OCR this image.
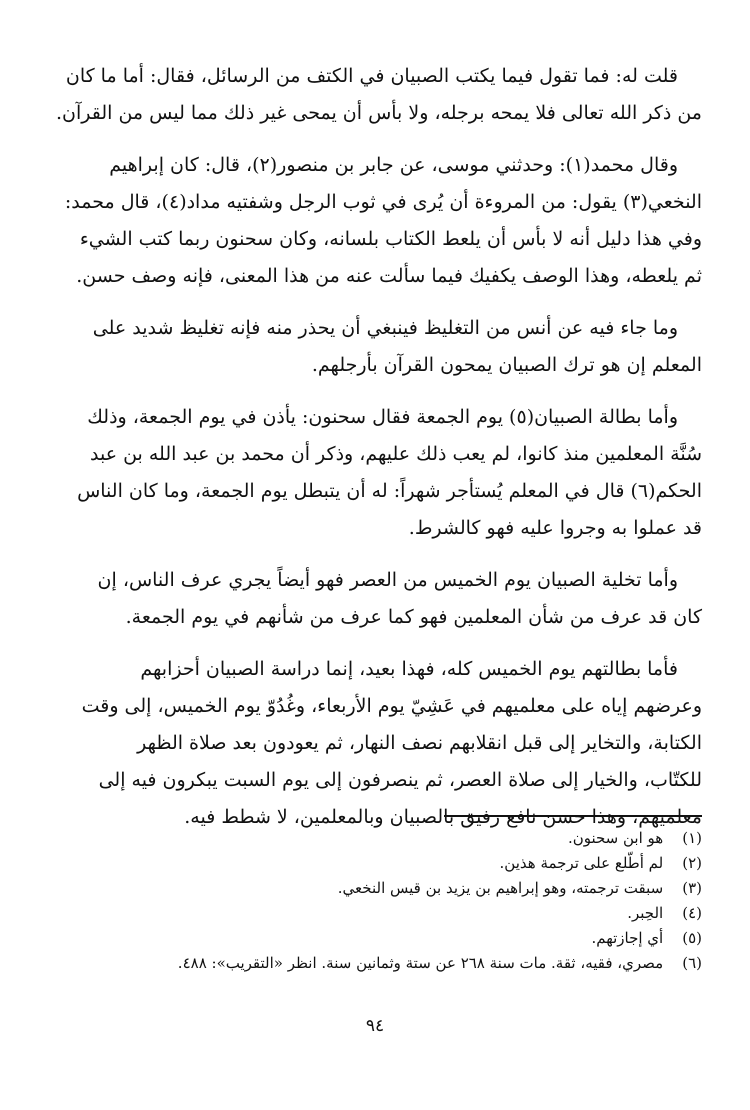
قلت له: فما تقول فيما يكتب الصبيان في الكتف من الرسائل، فقال: أما ما كان
من ذكر الله تعالى فلا يمحه برجله، ولا بأس أن يمحى غير ذلك مما ليس من القرآن.
وقال محمد(١): وحدثني موسى، عن جابر بن منصور(٢)، قال: كان إبراهيم
النخعي(٣) يقول: من المروءة أن يُرى في ثوب الرجل وشفتيه مداد(٤)، قال محمد:
وفي هذا دليل أنه لا بأس أن يلعط الكتاب بلسانه، وكان سحنون ربما كتب الشيء
ثم يلعطه، وهذا الوصف يكفيك فيما سألت عنه من هذا المعنى، فإنه وصف حسن.
وما جاء فيه عن أنس من التغليظ فينبغي أن يحذر منه فإنه تغليظ شديد على
المعلم إن هو ترك الصبيان يمحون القرآن بأرجلهم.
وأما بطالة الصبيان(٥) يوم الجمعة فقال سحنون: يأذن في يوم الجمعة، وذلك
سُنَّة المعلمين منذ كانوا، لم يعب ذلك عليهم، وذكر أن محمد بن عبد الله بن عبد
الحكم(٦) قال في المعلم يُستأجر شهراً: له أن يتبطل يوم الجمعة، وما كان الناس
قد عملوا به وجروا عليه فهو كالشرط.
وأما تخلية الصبيان يوم الخميس من العصر فهو أيضاً يجري عرف الناس، إن
كان قد عرف من شأن المعلمين فهو كما عرف من شأنهم في يوم الجمعة.
فأما بطالتهم يوم الخميس كله، فهذا بعيد، إنما دراسة الصبيان أحزابهم
وعرضهم إياه على معلميهم في عَشِيّ يوم الأربعاء، وغُدُوّ يوم الخميس، إلى وقت
الكتابة، والتخاير إلى قبل انقلابهم نصف النهار، ثم يعودون بعد صلاة الظهر
للكتّاب، والخيار إلى صلاة العصر، ثم ينصرفون إلى يوم السبت يبكرون فيه إلى
معلميهم، وهذا حسن نافع رفيق بالصبيان وبالمعلمين، لا شطط فيه.
(١) هو ابن سحنون.
(٢) لم أطّلع على ترجمة هذين.
(٣) سبقت ترجمته، وهو إبراهيم بن يزيد بن قيس النخعي.
(٤) الحِبر.
(٥) أي إجازتهم.
(٦) مصري، فقيه، ثقة. مات سنة ٢٦٨ عن ستة وثمانين سنة. انظر «التقريب»: ٤٨٨.
٩٤
